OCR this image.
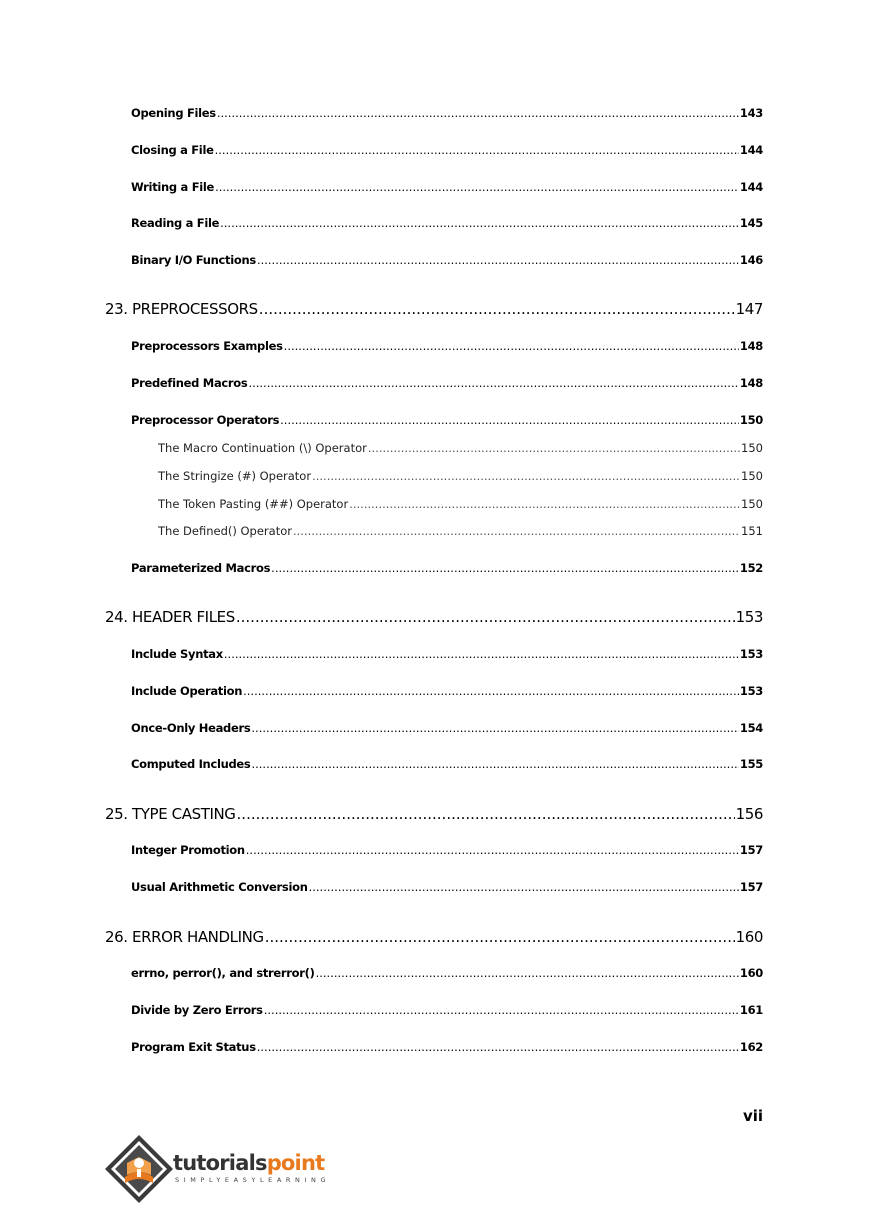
Opening Files .....	143
Closing a File .....	144
Writing a File .....	144
Reading a File .....	145
Binary I/O Functions .....	146
23. PREPROCESSORS .....	147
Preprocessors Examples .....	148
Predefined Macros .....	148
Preprocessor Operators .....	150
The Macro Continuation (\) Operator .....	150
The Stringize (#) Operator .....	150
The Token Pasting (##) Operator .....	150
The Defined() Operator .....	151
Parameterized Macros .....	152
24. HEADER FILES .....	153
Include Syntax .....	153
Include Operation .....	153
Once-Only Headers .....	154
Computed Includes .....	155
25. TYPE CASTING .....	156
Integer Promotion .....	157
Usual Arithmetic Conversion .....	157
26. ERROR HANDLING .....	160
errno, perror(), and strerror() .....	160
Divide by Zero Errors .....	161
Program Exit Status .....	162
vii
tutorialspoint
SIMPLYEASYLEARNING
